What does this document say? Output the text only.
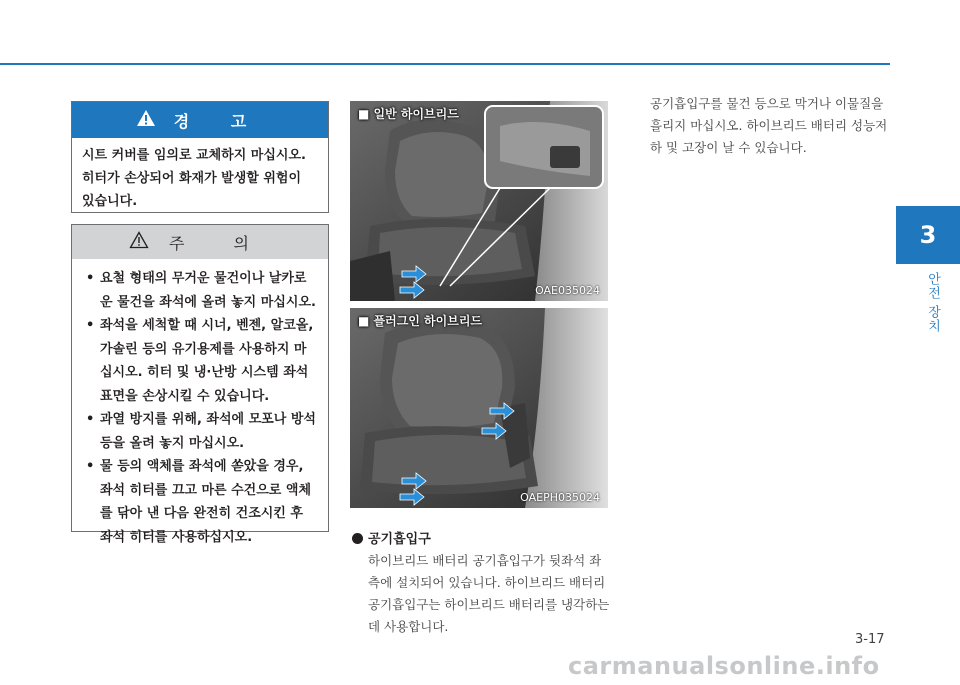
3
안전 장치
경 고
시트 커버를 임의로 교체하지 마십시오. 히터가 손상되어 화재가 발생할 위험이 있습니다.
주 의
• 요철 형태의 무거운 물건이나 날카로운 물건을 좌석에 올려 놓지 마십시오.
• 좌석을 세척할 때 시너, 벤젠, 알코올, 가솔린 등의 유기용제를 사용하지 마십시오. 히터 및 냉·난방 시스템 좌석 표면을 손상시킬 수 있습니다.
• 과열 방지를 위해, 좌석에 모포나 방석 등을 올려 놓지 마십시오.
• 물 등의 액체를 좌석에 쏟았을 경우, 좌석 히터를 끄고 마른 수건으로 액체를 닦아 낸 다음 완전히 건조시킨 후 좌석 히터를 사용하십시오.
■ 일반 하이브리드
OAE035024
■ 플러그인 하이브리드
OAEPH035024
공기흡입구
하이브리드 배터리 공기흡입구가 뒷좌석 좌측에 설치되어 있습니다. 하이브리드 배터리 공기흡입구는 하이브리드 배터리를 냉각하는데 사용합니다.
공기흡입구를 물건 등으로 막거나 이물질을 흘리지 마십시오. 하이브리드 배터리 성능저하 및 고장이 날 수 있습니다.
3-17
carmanualsonline.info
